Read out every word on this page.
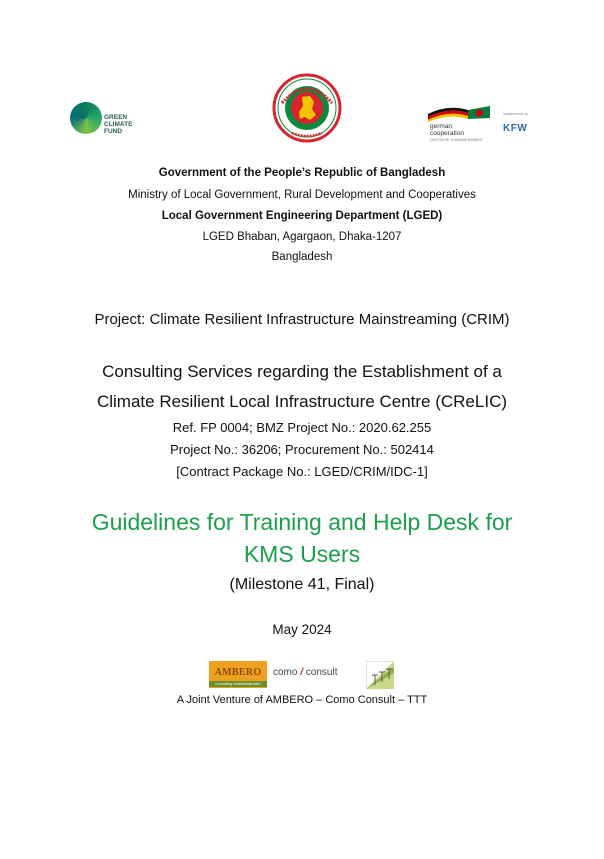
GREEN
CLIMATE
FUND
german
cooperation
DEUTSCHE ZUSAMMENARBEIT
Implemented by
KFW
Government of the People’s Republic of Bangladesh
Ministry of Local Government, Rural Development and Cooperatives
Local Government Engineering Department (LGED)
LGED Bhaban, Agargaon, Dhaka-1207
Bangladesh
Project: Climate Resilient Infrastructure Mainstreaming (CRIM)
Consulting Services regarding the Establishment of a
Climate Resilient Local Infrastructure Centre (CReLIC)
Ref. FP 0004; BMZ Project No.: 2020.62.255
Project No.: 36206; Procurement No.: 502414
[Contract Package No.: LGED/CRIM/IDC-1]
Guidelines for Training and Help Desk for
KMS Users
(Milestone 41, Final)
May 2024
AMBERO
Consulting Gesellschaft mbH
como / consult
A Joint Venture of AMBERO – Como Consult – TTT
